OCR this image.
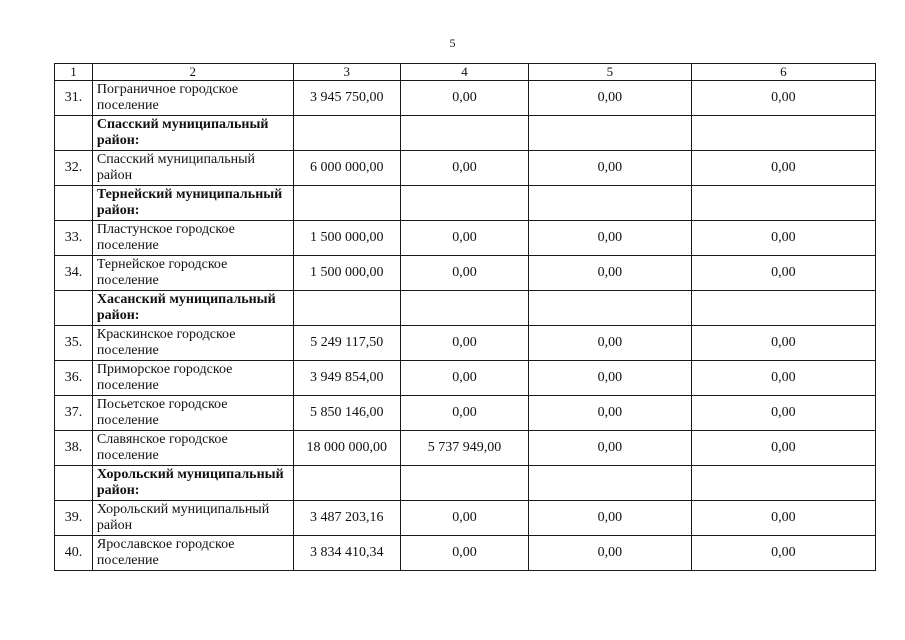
5
1	2	3	4	5	6
31.	Пограничное городское поселение	3 945 750,00	0,00	0,00	0,00
	Спасский муниципальный район:				
32.	Спасский муниципальный район	6 000 000,00	0,00	0,00	0,00
	Тернейский муниципальный район:				
33.	Пластунское городское поселение	1 500 000,00	0,00	0,00	0,00
34.	Тернейское городское поселение	1 500 000,00	0,00	0,00	0,00
	Хасанский муниципальный район:				
35.	Краскинское городское поселение	5 249 117,50	0,00	0,00	0,00
36.	Приморское городское поселение	3 949 854,00	0,00	0,00	0,00
37.	Посьетское городское поселение	5 850 146,00	0,00	0,00	0,00
38.	Славянское городское поселение	18 000 000,00	5 737 949,00	0,00	0,00
	Хорольский муниципальный район:				
39.	Хорольский муниципальный район	3 487 203,16	0,00	0,00	0,00
40.	Ярославское городское поселение	3 834 410,34	0,00	0,00	0,00
